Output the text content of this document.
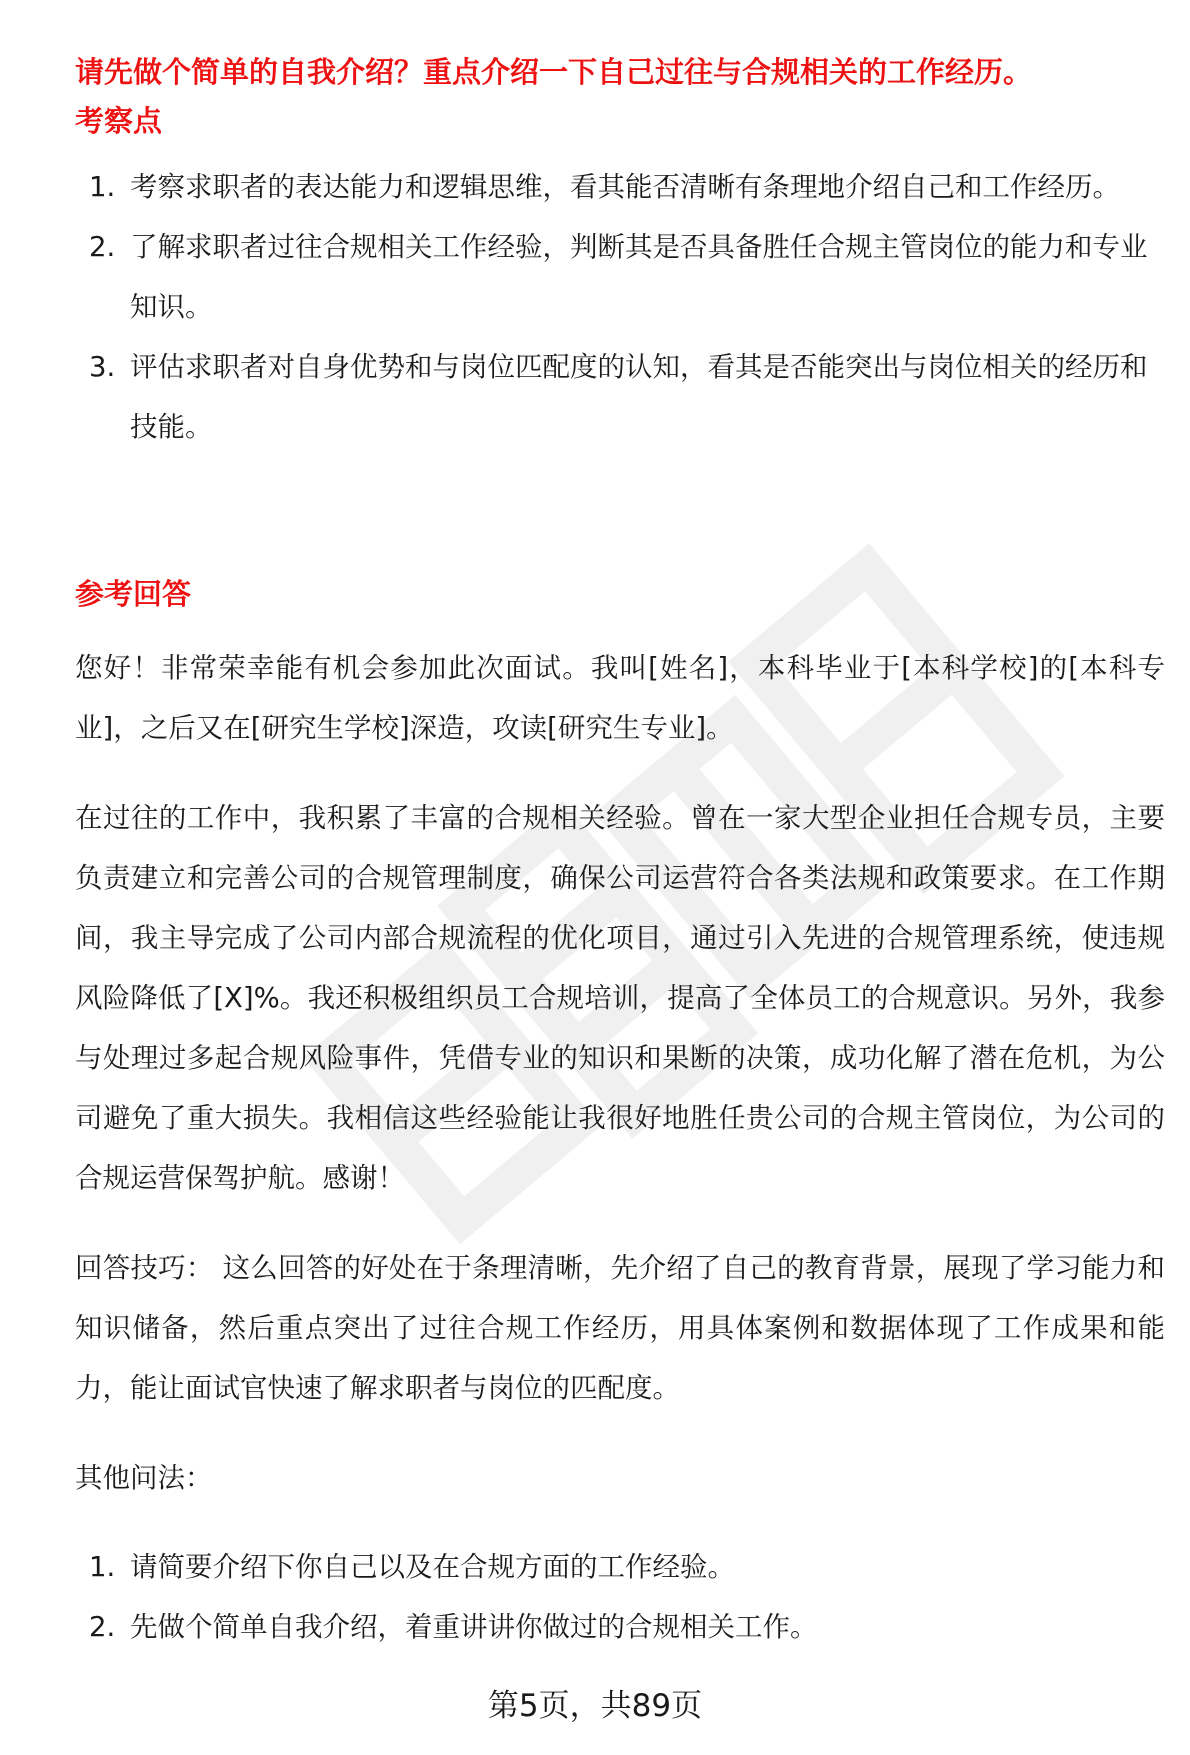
请先做个简单的自我介绍？重点介绍一下自己过往与合规相关的工作经历。
考察点
1. 考察求职者的表达能力和逻辑思维，看其能否清晰有条理地介绍自己和工作经历。
2. 了解求职者过往合规相关工作经验，判断其是否具备胜任合规主管岗位的能力和专业知识。
3. 评估求职者对自身优势和与岗位匹配度的认知，看其是否能突出与岗位相关的经历和技能。
参考回答

您好！非常荣幸能有机会参加此次面试。我叫[姓名]，本科毕业于[本科学校]的[本科专业]，之后又在[研究生学校]深造，攻读[研究生专业]。

在过往的工作中，我积累了丰富的合规相关经验。曾在一家大型企业担任合规专员，主要负责建立和完善公司的合规管理制度，确保公司运营符合各类法规和政策要求。在工作期间，我主导完成了公司内部合规流程的优化项目，通过引入先进的合规管理系统，使违规风险降低了[X]%。我还积极组织员工合规培训，提高了全体员工的合规意识。另外，我参与处理过多起合规风险事件，凭借专业的知识和果断的决策，成功化解了潜在危机，为公司避免了重大损失。我相信这些经验能让我很好地胜任贵公司的合规主管岗位，为公司的合规运营保驾护航。感谢！

回答技巧： 这么回答的好处在于条理清晰，先介绍了自己的教育背景，展现了学习能力和知识储备，然后重点突出了过往合规工作经历，用具体案例和数据体现了工作成果和能力，能让面试官快速了解求职者与岗位的匹配度。

其他问法：

1. 请简要介绍下你自己以及在合规方面的工作经验。
2. 先做个简单自我介绍，着重讲讲你做过的合规相关工作。
第5页，共89页
